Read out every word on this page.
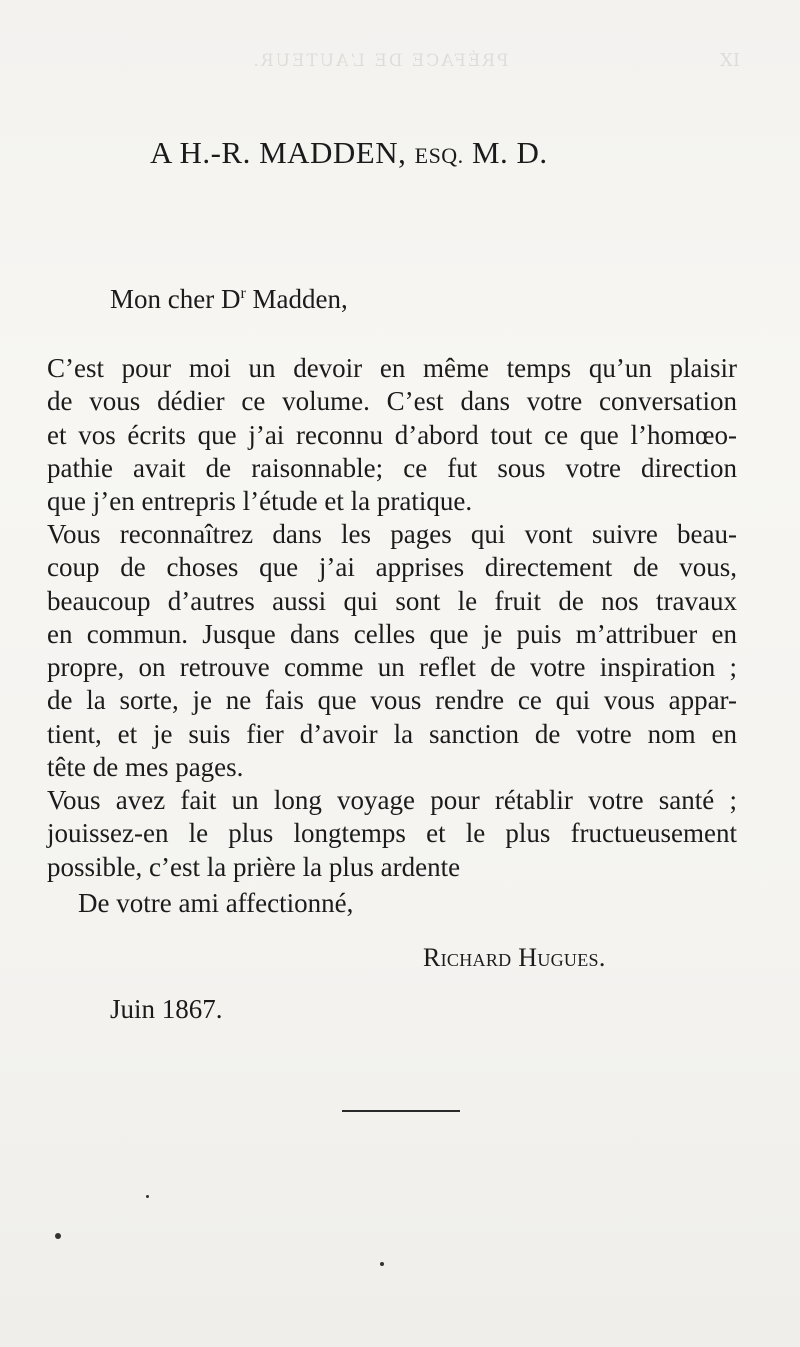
PRÉFACE DE L’AUTEUR.	XI
A H.-R. MADDEN, ESQ. M. D.
Mon cher $D^r$ Madden,
C’est pour moi un devoir en même temps qu’un plaisir
de vous dédier ce volume. C’est dans votre conversation
et vos écrits que j’ai reconnu d’abord tout ce que l’homœo-
pathie avait de raisonnable; ce fut sous votre direction
que j’en entrepris l’étude et la pratique.
Vous reconnaîtrez dans les pages qui vont suivre beau-
coup de choses que j’ai apprises directement de vous,
beaucoup d’autres aussi qui sont le fruit de nos travaux
en commun. Jusque dans celles que je puis m’attribuer en
propre, on retrouve comme un reflet de votre inspiration ;
de la sorte, je ne fais que vous rendre ce qui vous appar-
tient, et je suis fier d’avoir la sanction de votre nom en
tête de mes pages.
Vous avez fait un long voyage pour rétablir votre santé ;
jouissez-en le plus longtemps et le plus fructueusement
possible, c’est la prière la plus ardente
De votre ami affectionné,
Richard Hugues.
Juin 1867.
